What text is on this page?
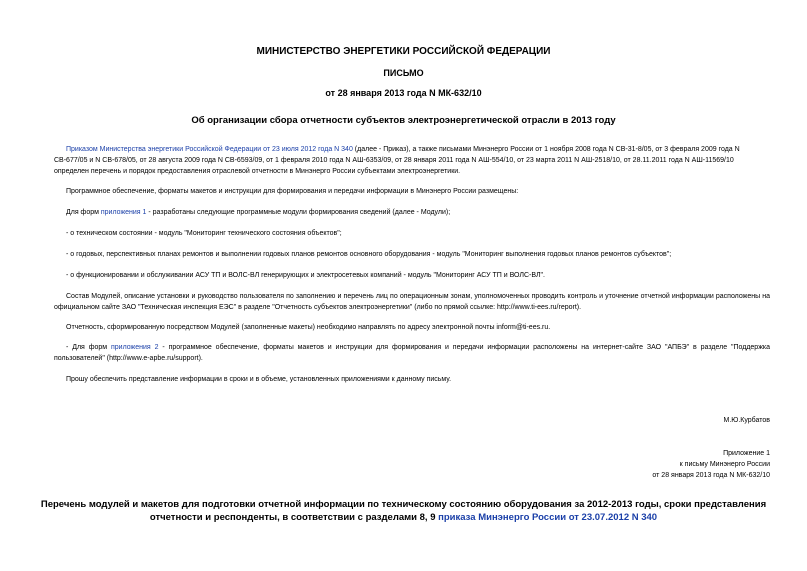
МИНИСТЕРСТВО ЭНЕРГЕТИКИ РОССИЙСКОЙ ФЕДЕРАЦИИ
ПИСЬМО
от 28 января 2013 года N МК-632/10
Об организации сбора отчетности субъектов электроэнергетической отрасли в 2013 году
Приказом Министерства энергетики Российской Федерации от 23 июля 2012 года N 340 (далее - Приказ), а также письмами Минэнерго России от 1 ноября 2008 года N СВ-31-8/05, от 3 февраля 2009 года N СВ-677/05 и N СВ-678/05, от 28 августа 2009 года N СВ-6593/09, от 1 февраля 2010 года N АШ-6353/09, от 28 января 2011 года N АШ-554/10, от 23 марта 2011 N АШ-2518/10, от 28.11.2011 года N АШ-11569/10 определен перечень и порядок предоставления отраслевой отчетности в Минэнерго России субъектами электроэнергетики.
Программное обеспечение, форматы макетов и инструкции для формирования и передачи информации в Минэнерго России размещены:
Для форм приложения 1 - разработаны следующие программные модули формирования сведений (далее - Модули);
- о техническом состоянии - модуль "Мониторинг технического состояния объектов";
- о годовых, перспективных планах ремонтов и выполнении годовых планов ремонтов основного оборудования - модуль "Мониторинг выполнения годовых планов ремонтов субъектов";
- о функционировании и обслуживании АСУ ТП и ВОЛС-ВЛ генерирующих и электросетевых компаний - модуль "Мониторинг АСУ ТП и ВОЛС-ВЛ".
Состав Модулей, описание установки и руководство пользователя по заполнению и перечень лиц по операционным зонам, уполномоченных проводить контроль и уточнение отчетной информации расположены на официальном сайте ЗАО "Техническая инспекция ЕЭС" в разделе "Отчетность субъектов электроэнергетики" (либо по прямой ссылке: http://www.ti-ees.ru/report).
Отчетность, сформированную посредством Модулей (заполненные макеты) необходимо направлять по адресу электронной почты inform@ti-ees.ru.
- Для форм приложения 2 - программное обеспечение, форматы макетов и инструкции для формирования и передачи информации расположены на интернет-сайте ЗАО "АПБЭ" в разделе "Поддержка пользователей" (http://www.e-apbe.ru/support).
Прошу обеспечить представление информации в сроки и в объеме, установленных приложениями к данному письму.
М.Ю.Курбатов
Приложение 1
к письму Минэнерго России
от 28 января 2013 года N МК-632/10
Перечень модулей и макетов для подготовки отчетной информации по техническому состоянию оборудования за 2012-2013 годы, сроки представления отчетности и респонденты, в соответствии с разделами 8, 9 приказа Минэнерго России от 23.07.2012 N 340
